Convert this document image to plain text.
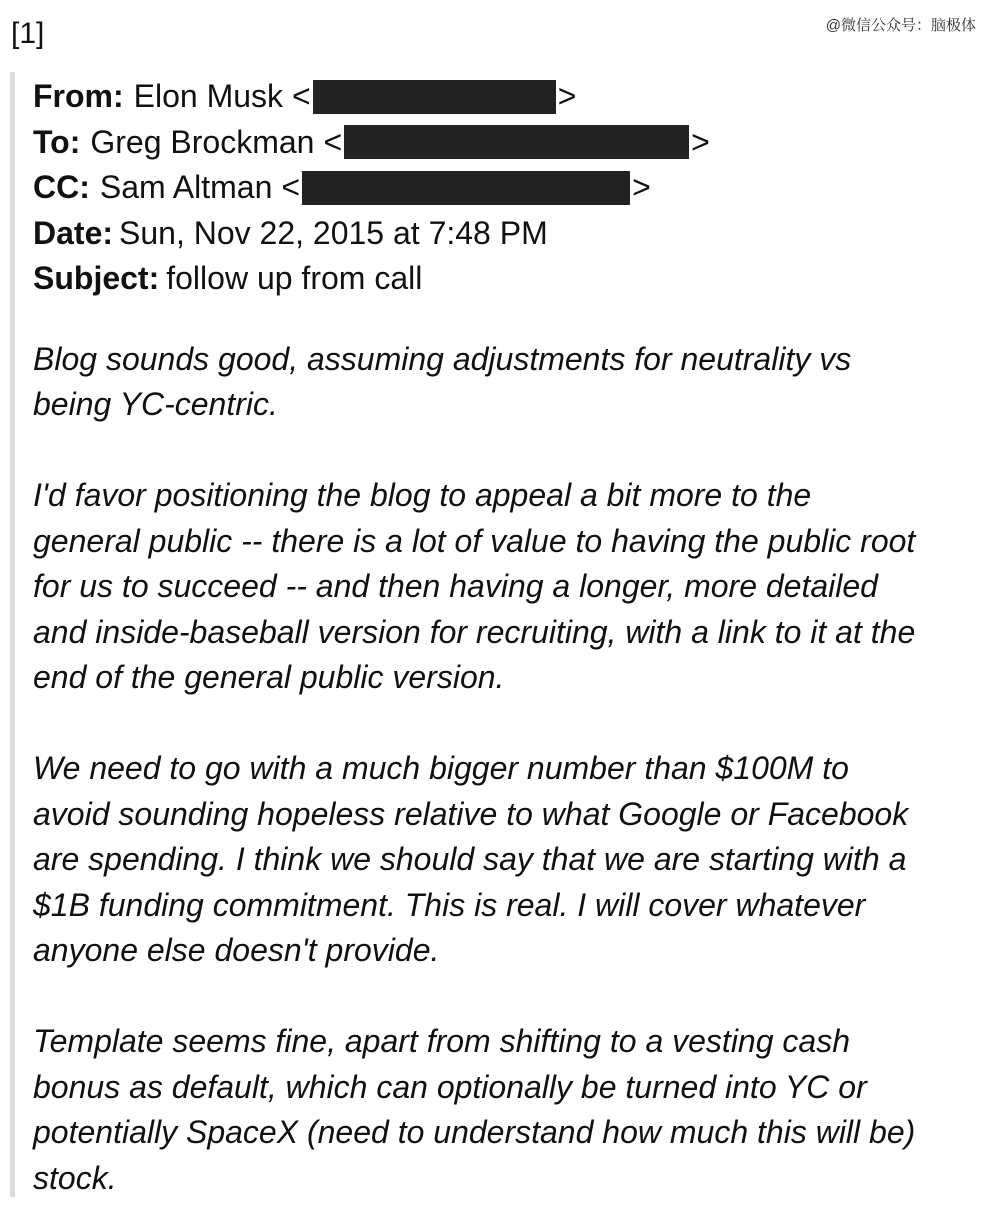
[1]	@微信公众号：脑极体
From: Elon Musk <	>
To: Greg Brockman <	>
CC: Sam Altman <	>
Date: Sun, Nov 22, 2015 at 7:48 PM
Subject: follow up from call
Blog sounds good, assuming adjustments for neutrality vs
being YC-centric.
I'd favor positioning the blog to appeal a bit more to the
general public -- there is a lot of value to having the public root
for us to succeed -- and then having a longer, more detailed
and inside-baseball version for recruiting, with a link to it at the
end of the general public version.
We need to go with a much bigger number than $100M to
avoid sounding hopeless relative to what Google or Facebook
are spending. I think we should say that we are starting with a
$1B funding commitment. This is real. I will cover whatever
anyone else doesn't provide.
Template seems fine, apart from shifting to a vesting cash
bonus as default, which can optionally be turned into YC or
potentially SpaceX (need to understand how much this will be)
stock.
